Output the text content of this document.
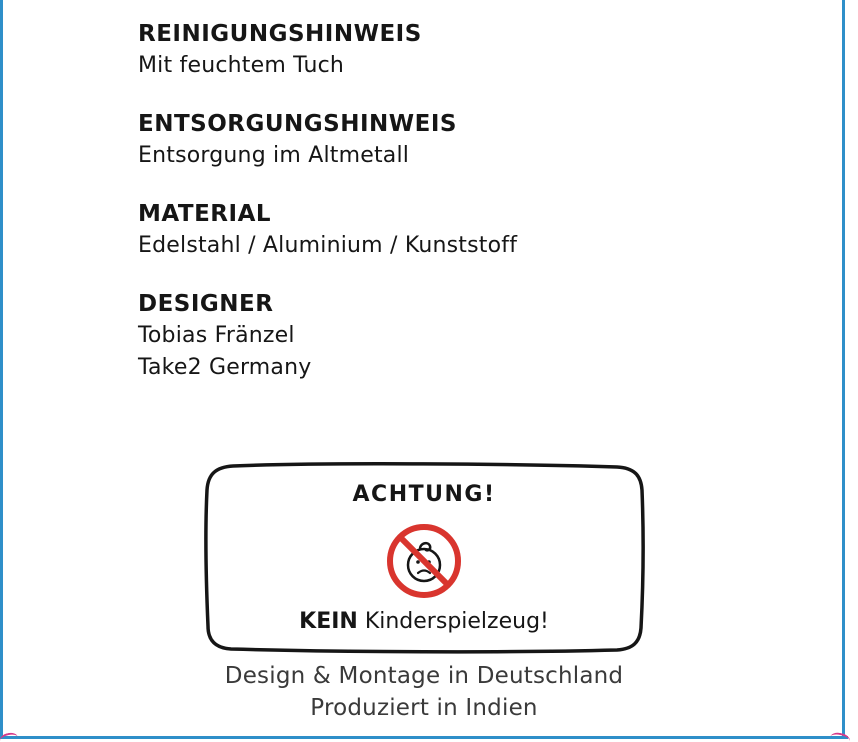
REINIGUNGSHINWEIS

Mit feuchtem Tuch

ENTSORGUNGSHINWEIS

Entsorgung im Altmetall

MATERIAL

Edelstahl / Aluminium / Kunststoff

DESIGNER

Tobias Fränzel

Take2 Germany

ACHTUNG!
KEIN Kinderspielzeug!
Design & Montage in Deutschland
Produziert in Indien
